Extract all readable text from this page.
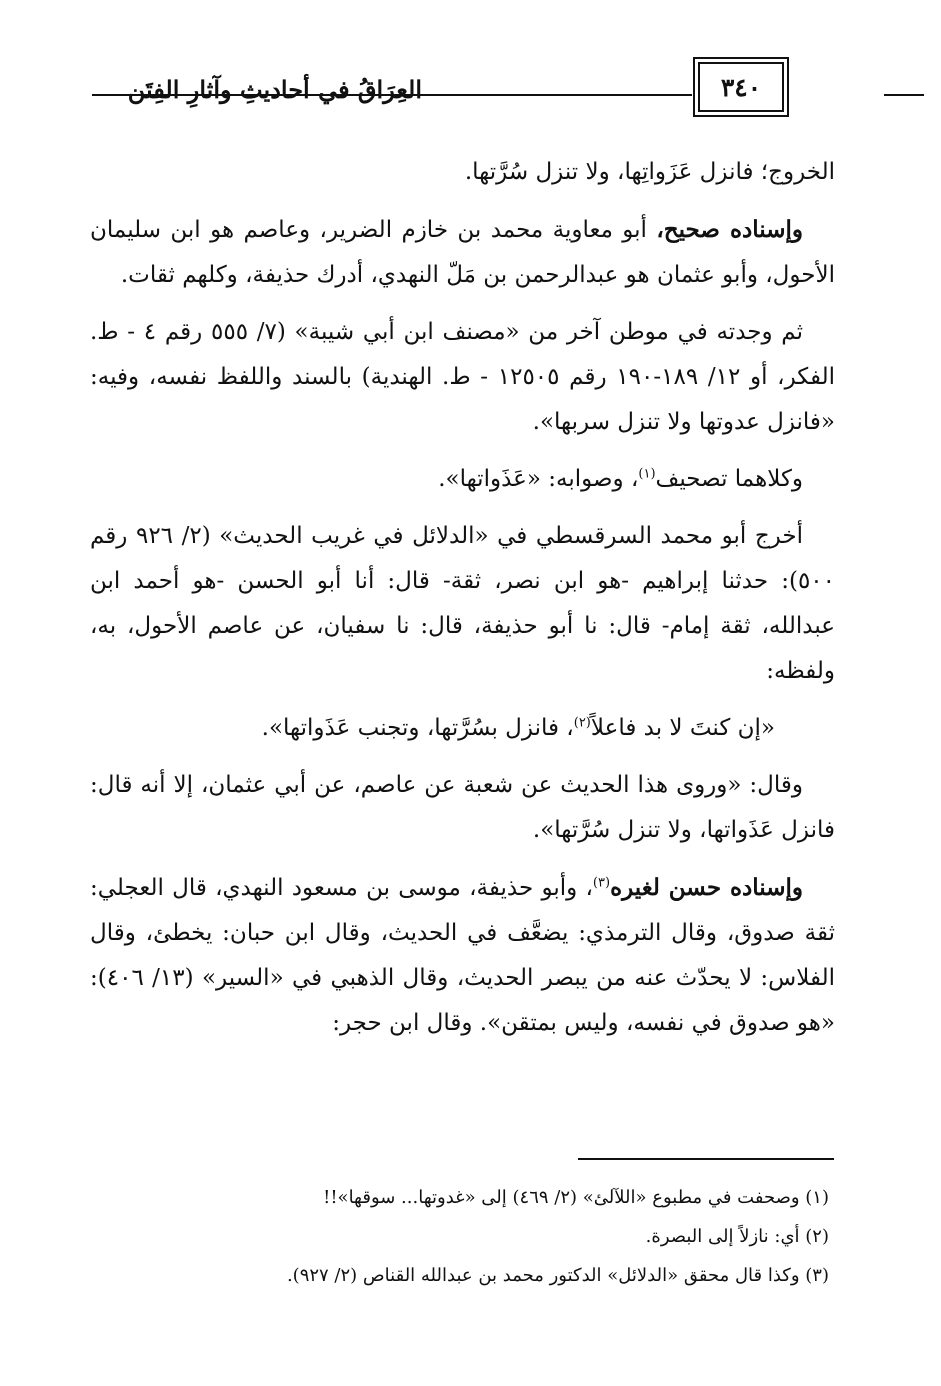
العِرَاقُ في أحاديثِ وآثارِ الفِتَن	٣٤٠

الخروج؛ فانزل عَزَواتِها، ولا تنزل سُرَّتها.

وإسناده صحيح، أبو معاوية محمد بن خازم الضرير، وعاصم هو ابن سليمان الأحول، وأبو عثمان هو عبدالرحمن بن مَلّ النهدي، أدرك حذيفة، وكلهم ثقات.

ثم وجدته في موطن آخر من «مصنف ابن أبي شيبة» (٧/ ٥٥٥ رقم ٤ - ط. الفكر، أو ١٢/ ١٨٩-١٩٠ رقم ١٢٥٠٥ - ط. الهندية) بالسند واللفظ نفسه، وفيه: «فانزل عدوتها ولا تنزل سربها».

وكلاهما تصحيف$^{(١)}$، وصوابه: «عَذَواتها».

أخرج أبو محمد السرقسطي في «الدلائل في غريب الحديث» (٢/ ٩٢٦ رقم ٥٠٠): حدثنا إبراهيم -هو ابن نصر، ثقة- قال: أنا أبو الحسن -هو أحمد ابن عبدالله، ثقة إمام- قال: نا أبو حذيفة، قال: نا سفيان، عن عاصم الأحول، به، ولفظه:

«إن كنتَ لا بد فاعلاً$^{(٢)}$، فانزل بسُرَّتها، وتجنب عَذَواتها».

وقال: «وروى هذا الحديث عن شعبة عن عاصم، عن أبي عثمان، إلا أنه قال: فانزل عَذَواتها، ولا تنزل سُرَّتها».

وإسناده حسن لغيره$^{(٣)}$، وأبو حذيفة، موسى بن مسعود النهدي، قال العجلي: ثقة صدوق، وقال الترمذي: يضعَّف في الحديث، وقال ابن حبان: يخطئ، وقال الفلاس: لا يحدّث عنه من يبصر الحديث، وقال الذهبي في «السير» (١٣/ ٤٠٦): «هو صدوق في نفسه، وليس بمتقن». وقال ابن حجر:

(١) وصحفت في مطبوع «اللآلئ» (٢/ ٤٦٩) إلى «غدوتها... سوقها»!!

(٢) أي: نازلاً إلى البصرة.

(٣) وكذا قال محقق «الدلائل» الدكتور محمد بن عبدالله القناص (٢/ ٩٢٧).
